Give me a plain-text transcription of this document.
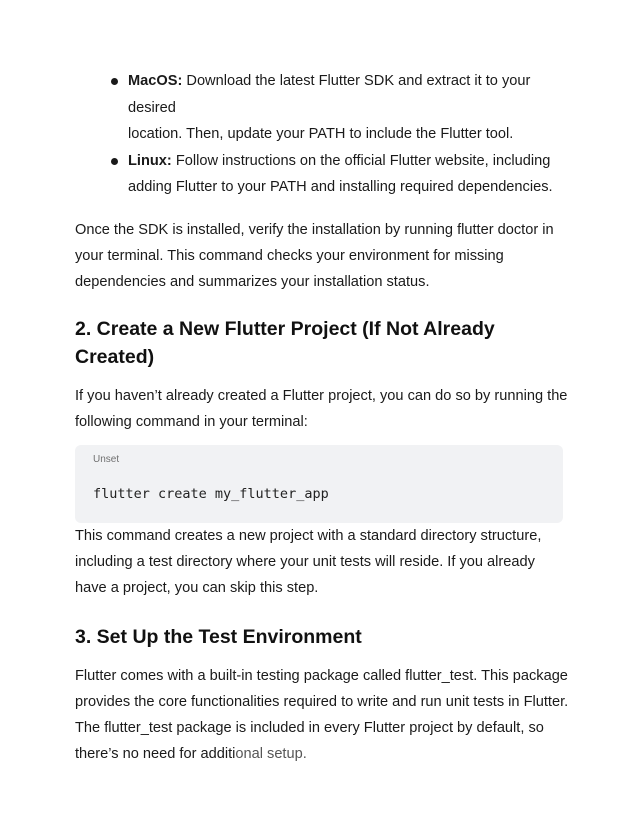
MacOS: Download the latest Flutter SDK and extract it to your desired
location. Then, update your PATH to include the Flutter tool.
Linux: Follow instructions on the official Flutter website, including
adding Flutter to your PATH and installing required dependencies.

Once the SDK is installed, verify the installation by running flutter doctor in your terminal. This command checks your environment for missing dependencies and summarizes your installation status.

2. Create a New Flutter Project (If Not Already Created)

If you haven’t already created a Flutter project, you can do so by running the following command in your terminal:

Unset
flutter create my_flutter_app

This command creates a new project with a standard directory structure, including a test directory where your unit tests will reside. If you already have a project, you can skip this step.

3. Set Up the Test Environment

Flutter comes with a built-in testing package called flutter_test. This package provides the core functionalities required to write and run unit tests in Flutter. The flutter_test package is included in every Flutter project by default, so there’s no need for additional setup.
